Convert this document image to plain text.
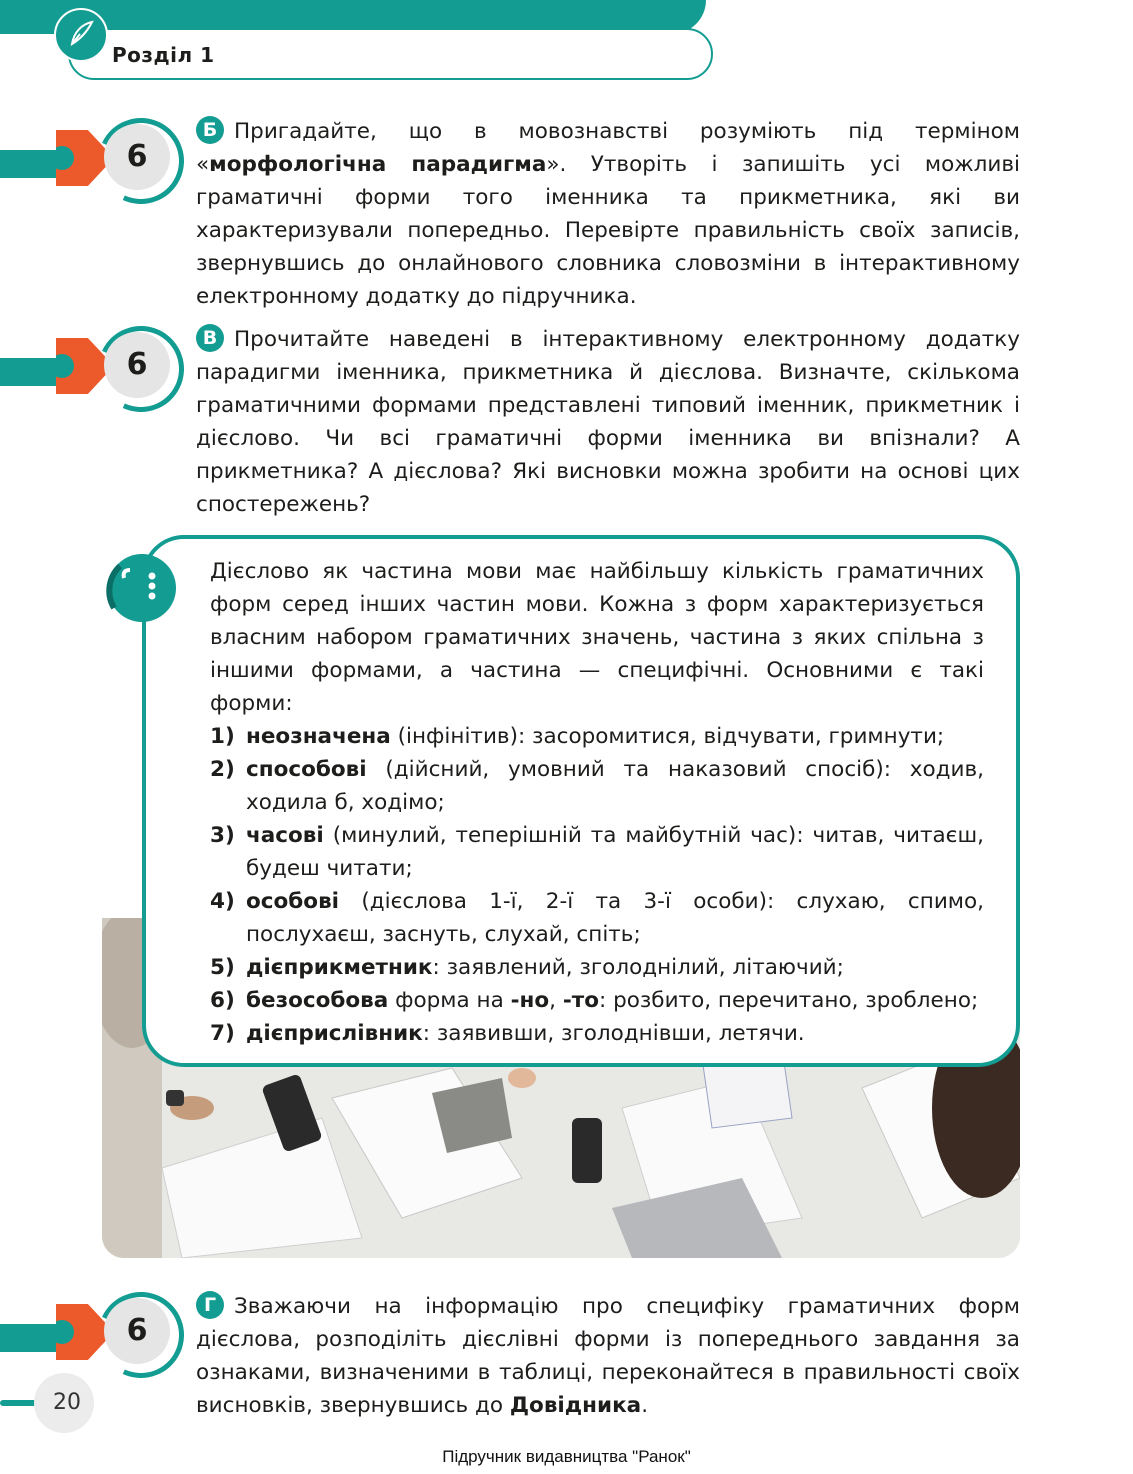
Розділ 1
6
Б Пригадайте, що в мовознавстві розуміють під терміном «морфологічна парадигма». Утворіть і запишіть усі можливі граматичні форми того іменника та прикметника, які ви характеризували попередньо. Перевірте правильність своїх записів, звернувшись до онлайнового словника словозміни в інтерактивному електронному додатку до підручника.
6
В Прочитайте наведені в інтерактивному електронному додатку парадигми іменника, прикметника й дієслова. Визначте, скількома граматичними формами представлені типовий іменник, прикметник і дієслово. Чи всі граматичні форми іменника ви впізнали? А прикметника? А дієслова? Які висновки можна зробити на основі цих спостережень?
Дієслово як частина мови має найбільшу кількість граматичних форм серед інших частин мови. Кожна з форм характеризується власним набором граматичних значень, частина з яких спільна з іншими формами, а частина — специфічні. Основними є такі форми:
1) неозначена (інфінітив): засоромитися, відчувати, гримнути;
2) способові (дійсний, умовний та наказовий спосіб): ходив, ходила б, ходімо;
3) часові (минулий, теперішній та майбутній час): читав, читаєш, будеш читати;
4) особові (дієслова 1-ї, 2-ї та 3-ї особи): слухаю, спимо, послухаєш, заснуть, слухай, спіть;
5) дієприкметник: заявлений, зголоднілий, літаючий;
6) безособова форма на -но, -то: розбито, перечитано, зроблено;
7) дієприслівник: заявивши, зголоднівши, летячи.
6
Г Зважаючи на інформацію про специфіку граматичних форм дієслова, розподіліть дієслівні форми із попереднього завдання за ознаками, визначеними в таблиці, переконайтеся в правильності своїх висновків, звернувшись до Довідника.
20
Підручник видавництва "Ранок"
